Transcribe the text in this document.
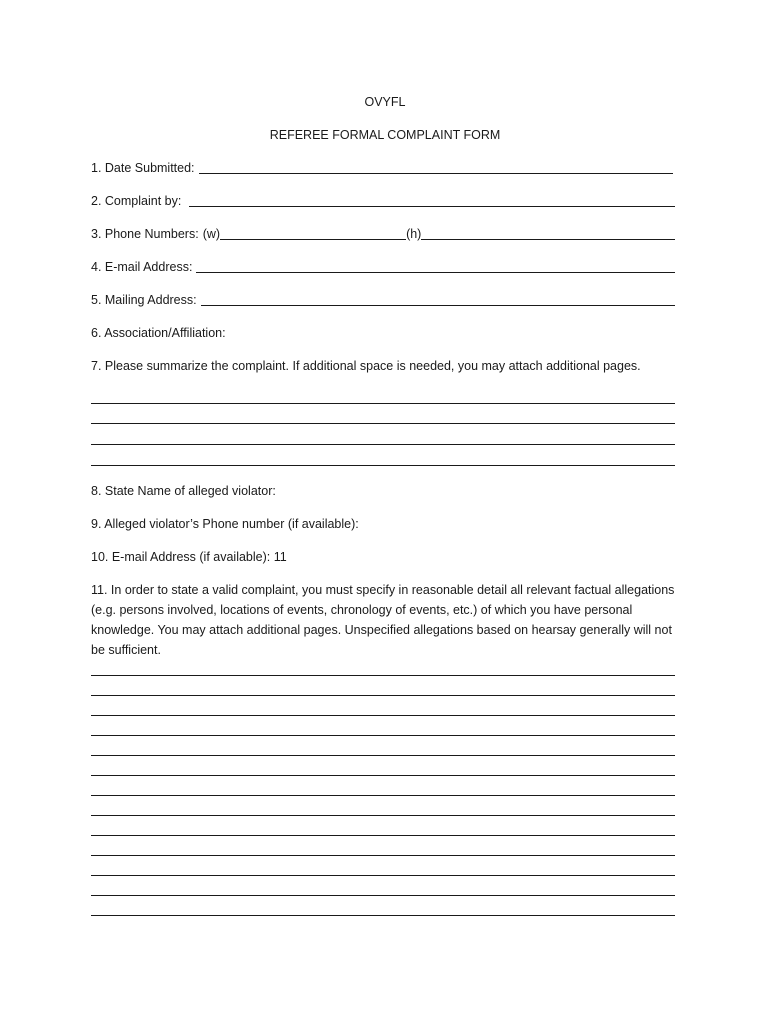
OVYFL
REFEREE FORMAL COMPLAINT FORM
1. Date Submitted:
2. Complaint by:
3. Phone Numbers: (w)	(h)
4. E-mail Address:
5. Mailing Address:
6. Association/Affiliation:
7. Please summarize the complaint. If additional space is needed, you may attach additional pages.
8. State Name of alleged violator:
9. Alleged violator’s Phone number (if available):
10. E-mail Address (if available): 11
11. In order to state a valid complaint, you must specify in reasonable detail all relevant factual allegations (e.g. persons involved, locations of events, chronology of events, etc.) of which you have personal knowledge. You may attach additional pages. Unspecified allegations based on hearsay generally will not be sufficient.
